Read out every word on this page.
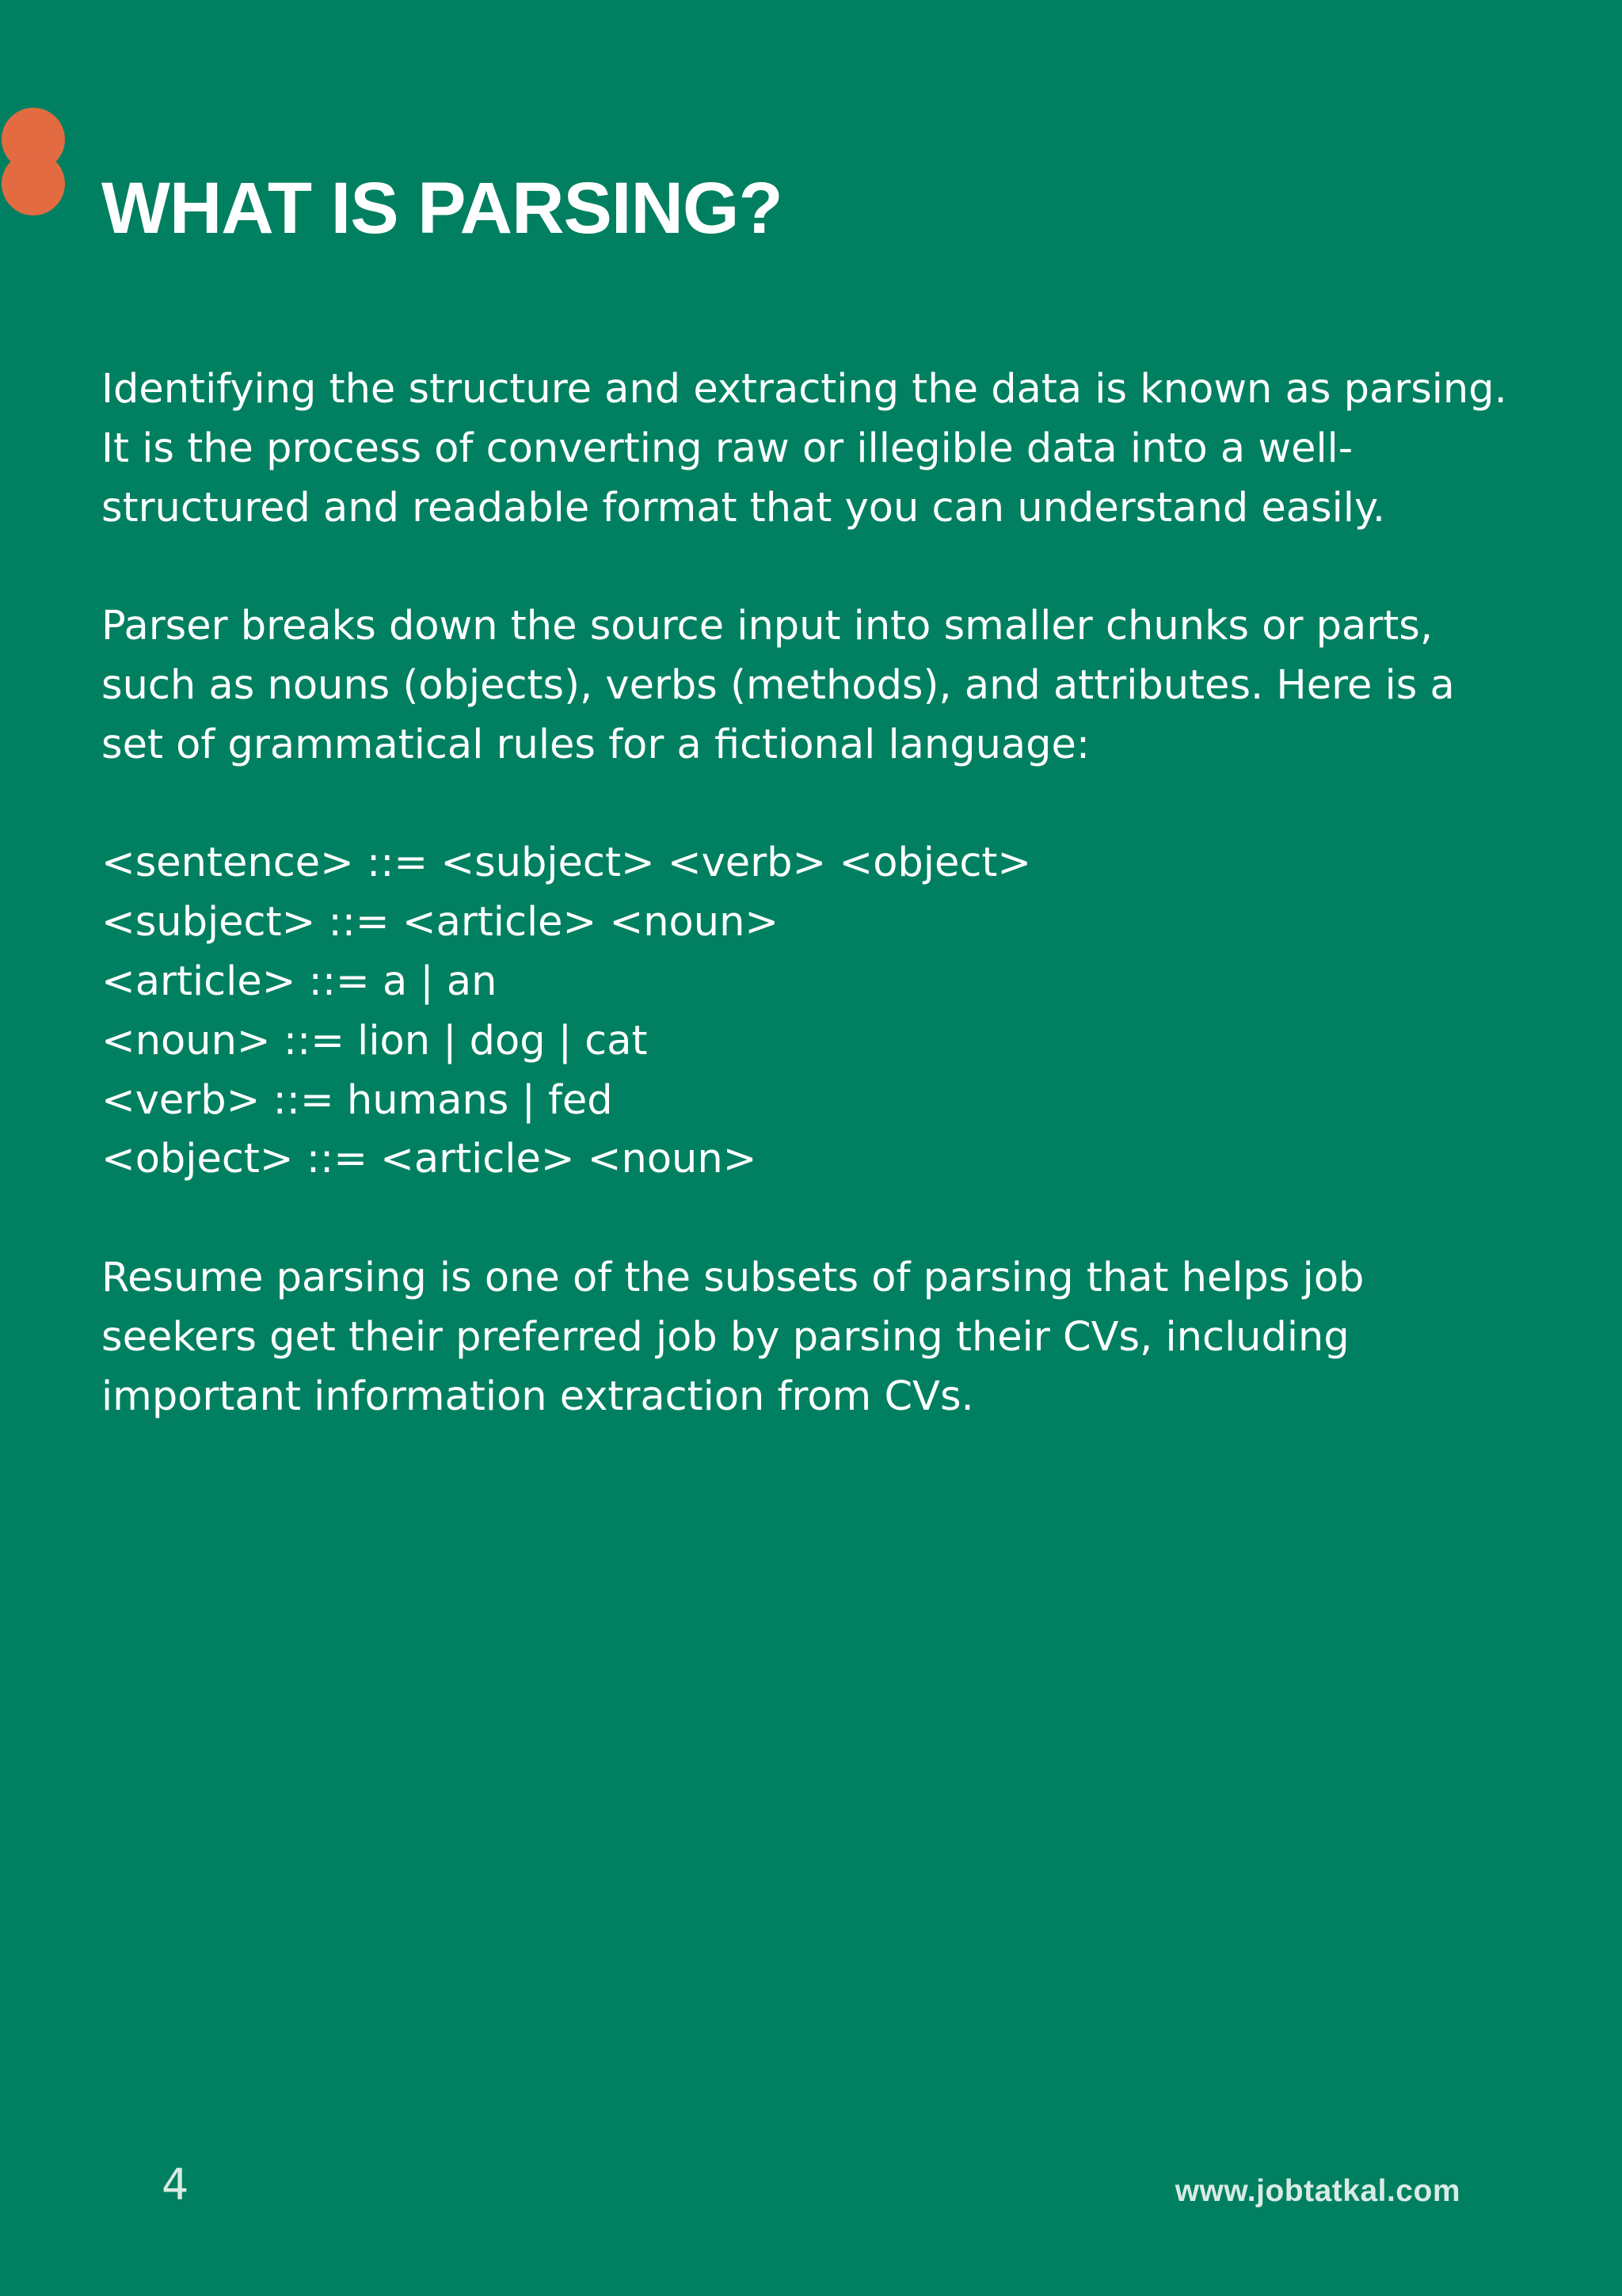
WHAT IS PARSING?

Identifying the structure and extracting the data is known as parsing.
It is the process of converting raw or illegible data into a well-
structured and readable format that you can understand easily.

Parser breaks down the source input into smaller chunks or parts,
such as nouns (objects), verbs (methods), and attributes. Here is a
set of grammatical rules for a fictional language:

<sentence> ::= <subject> <verb> <object>
<subject> ::= <article> <noun>
<article> ::= a | an
<noun> ::= lion | dog | cat
<verb> ::= humans | fed
<object> ::= <article> <noun>

Resume parsing is one of the subsets of parsing that helps job
seekers get their preferred job by parsing their CVs, including
important information extraction from CVs.

4	www.jobtatkal.com
